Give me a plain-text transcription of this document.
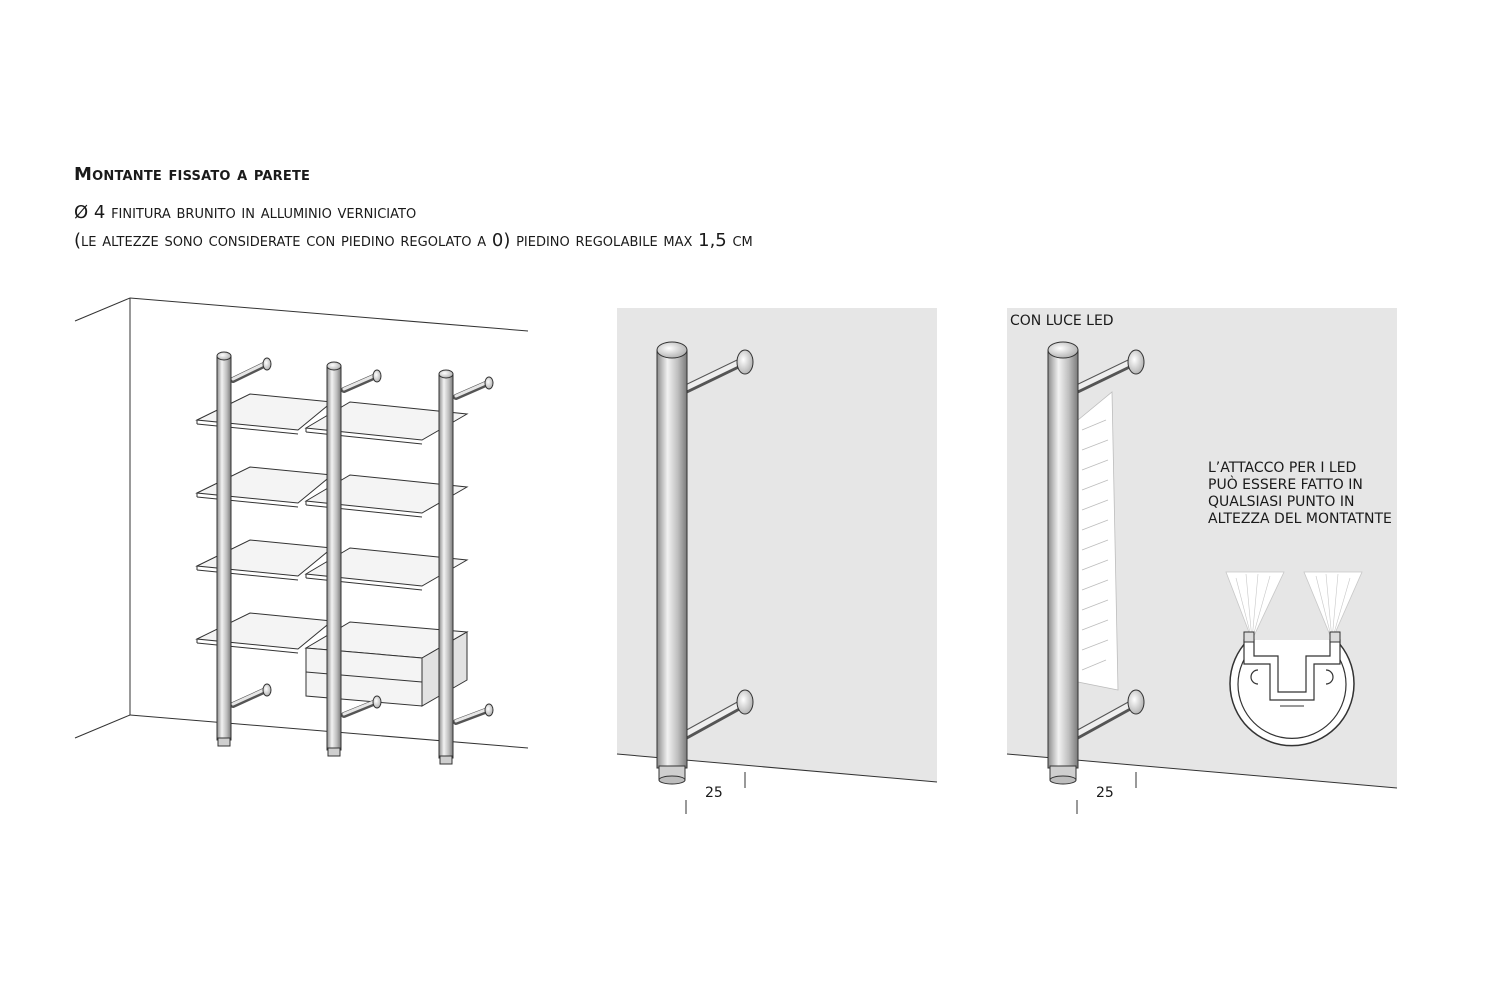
Montante fissato a parete
Ø 4 finitura brunito in alluminio verniciato
(le altezze sono considerate con piedino regolato a 0) piedino regolabile max 1,5 cm
25
CON LUCE LED
L’ATTACCO PER I LED
PUÒ ESSERE FATTO IN
QUALSIASI PUNTO IN
ALTEZZA DEL MONTATNTE
25
